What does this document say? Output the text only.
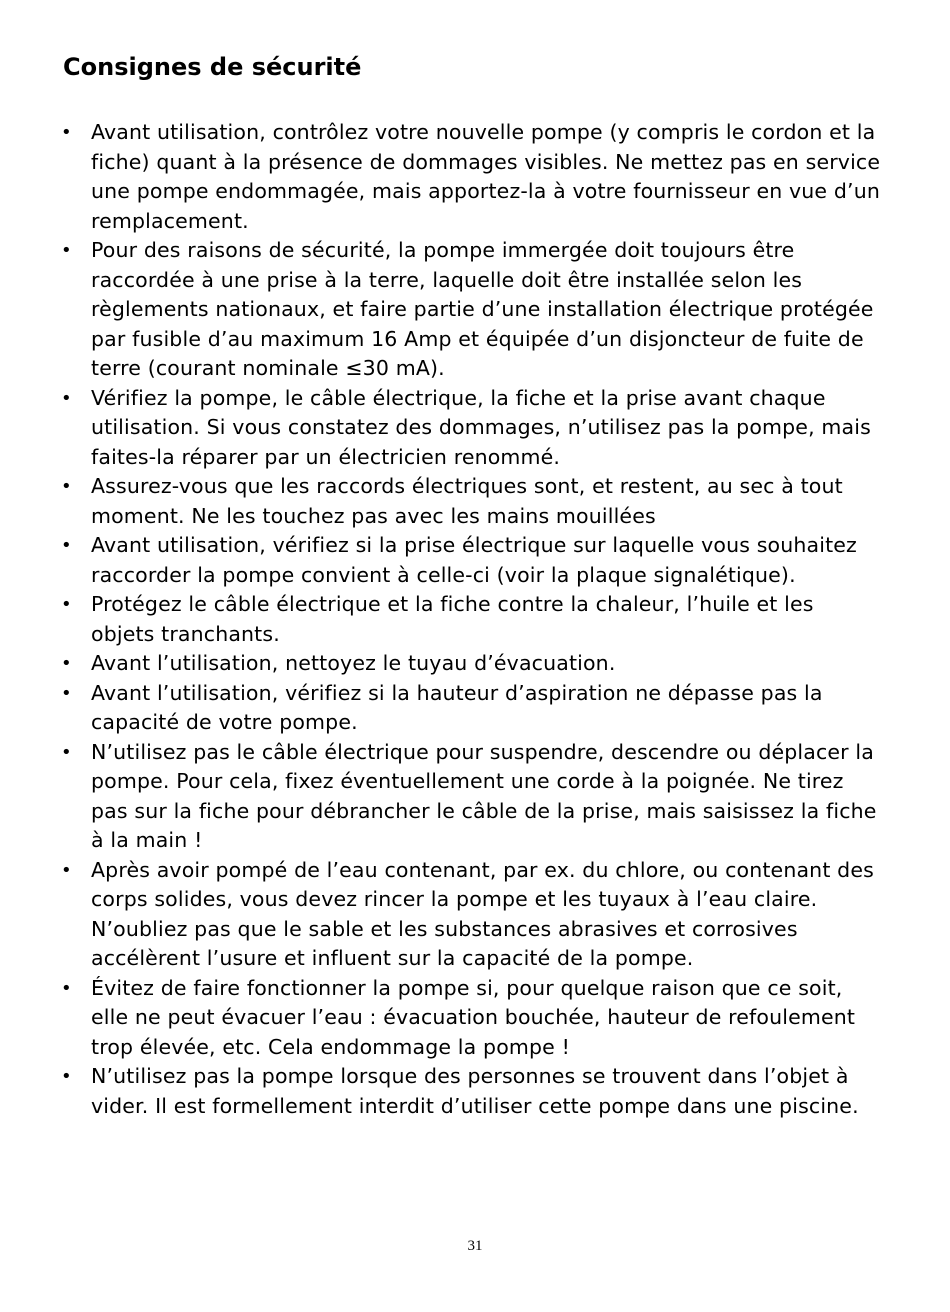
Consignes de sécurité
• Avant utilisation, contrôlez votre nouvelle pompe (y compris le cordon et la fiche) quant à la présence de dommages visibles. Ne mettez pas en service une pompe endommagée, mais apportez-la à votre fournisseur en vue d’un remplacement.
• Pour des raisons de sécurité, la pompe immergée doit toujours être raccordée à une prise à la terre, laquelle doit être installée selon les règlements nationaux, et faire partie d’une installation électrique protégée par fusible d’au maximum 16 Amp et équipée d’un disjoncteur de fuite de terre (courant nominale ≤30 mA).
• Vérifiez la pompe, le câble électrique, la fiche et la prise avant chaque utilisation. Si vous constatez des dommages, n’utilisez pas la pompe, mais faites-la réparer par un électricien renommé.
• Assurez-vous que les raccords électriques sont, et restent, au sec à tout moment. Ne les touchez pas avec les mains mouillées
• Avant utilisation, vérifiez si la prise électrique sur laquelle vous souhaitez raccorder la pompe convient à celle-ci (voir la plaque signalétique).
• Protégez le câble électrique et la fiche contre la chaleur, l’huile et les objets tranchants.
• Avant l’utilisation, nettoyez le tuyau d’évacuation.
• Avant l’utilisation, vérifiez si la hauteur d’aspiration ne dépasse pas la capacité de votre pompe.
• N’utilisez pas le câble électrique pour suspendre, descendre ou déplacer la pompe. Pour cela, fixez éventuellement une corde à la poignée. Ne tirez pas sur la fiche pour débrancher le câble de la prise, mais saisissez la fiche à la main !
• Après avoir pompé de l’eau contenant, par ex. du chlore, ou contenant des corps solides, vous devez rincer la pompe et les tuyaux à l’eau claire. N’oubliez pas que le sable et les substances abrasives et corrosives accélèrent l’usure et influent sur la capacité de la pompe.
• Évitez de faire fonctionner la pompe si, pour quelque raison que ce soit, elle ne peut évacuer l’eau : évacuation bouchée, hauteur de refoulement trop élevée, etc. Cela endommage la pompe !
• N’utilisez pas la pompe lorsque des personnes se trouvent dans l’objet à vider. Il est formellement interdit d’utiliser cette pompe dans une piscine.
31
